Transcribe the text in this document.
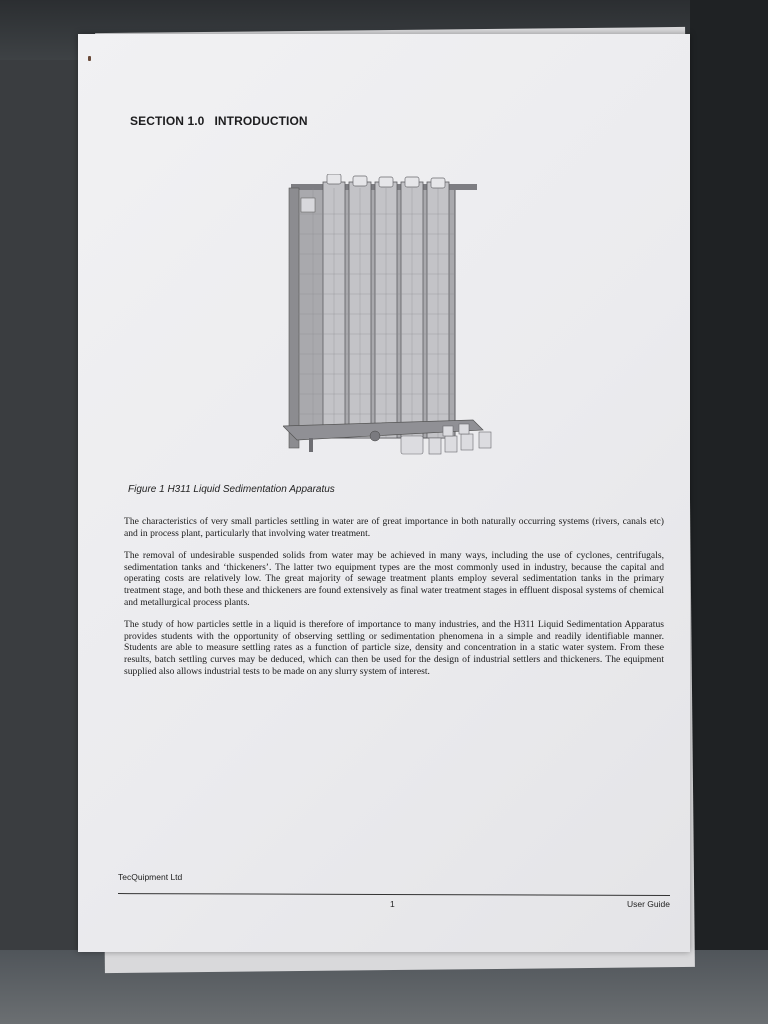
SECTION 1.0 INTRODUCTION
Figure 1 H311 Liquid Sedimentation Apparatus

The characteristics of very small particles settling in water are of great importance in both naturally occurring systems (rivers, canals etc) and in process plant, particularly that involving water treatment.

The removal of undesirable suspended solids from water may be achieved in many ways, including the use of cyclones, centrifugals, sedimentation tanks and ‘thickeners’. The latter two equipment types are the most commonly used in industry, because the capital and operating costs are relatively low. The great majority of sewage treatment plants employ several sedimentation tanks in the primary treatment stage, and both these and thickeners are found extensively as final water treatment stages in effluent disposal systems of chemical and metallurgical process plants.

The study of how particles settle in a liquid is therefore of importance to many industries, and the H311 Liquid Sedimentation Apparatus provides students with the opportunity of observing settling or sedimentation phenomena in a simple and readily identifiable manner. Students are able to measure settling rates as a function of particle size, density and concentration in a static water system. From these results, batch settling curves may be deduced, which can then be used for the design of industrial settlers and thickeners. The equipment supplied also allows industrial tests to be made on any slurry system of interest.

TecQuipment Ltd
1	User Guide
